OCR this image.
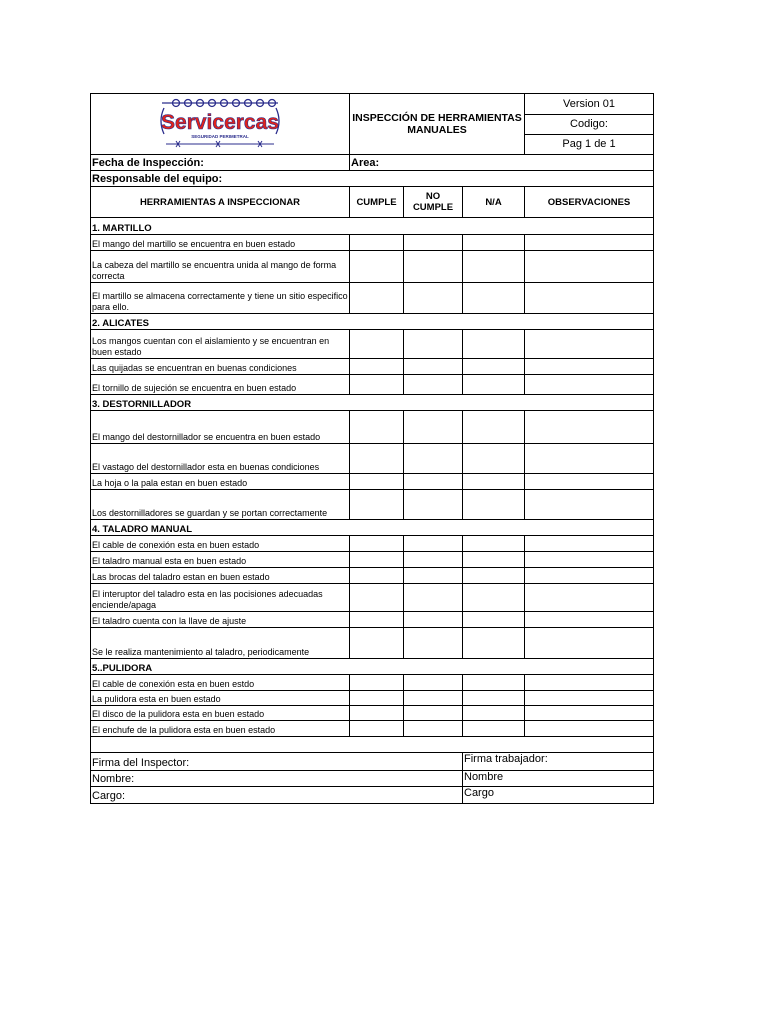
Servicercas
SEGURIDAD PERIMETRAL	INSPECCIÓN DE HERRAMIENTAS MANUALES			Version 01
				Codigo:
				Pag 1 de 1
Fecha de Inspección:	Area:			
Responsable del equipo:				
HERRAMIENTAS A INSPECCIONAR	CUMPLE	NO CUMPLE	N/A	OBSERVACIONES
1. MARTILLO				
El mango del martillo se encuentra en buen estado				
La cabeza del martillo se encuentra unida al mango de forma correcta				
El martillo se almacena correctamente y tiene un sitio especifico para ello.				
2. ALICATES				
Los mangos cuentan con el aislamiento y se encuentran en buen estado				
Las quijadas se encuentran en buenas condiciones				
El tornillo de sujeción se encuentra en buen estado				
3. DESTORNILLADOR				
El mango del destornillador se encuentra en buen estado				
El vastago del destornillador esta en buenas condiciones				
La hoja o la pala estan en buen estado				
Los destornilladores se guardan y se portan correctamente				
4. TALADRO MANUAL				
El cable de conexión esta en buen estado				
El taladro manual esta en buen estado				
Las brocas del taladro estan en buen estado				
El interuptor del taladro esta en las pocisiones adecuadas enciende/apaga				
El taladro cuenta con la llave de ajuste				
Se le realiza mantenimiento al taladro, periodicamente				
5..PULIDORA				
El cable de conexión esta en buen estdo				
La pulidora esta en buen estado				
El disco de la pulidora esta en buen estado				
El enchufe de la pulidora esta en buen estado				

Firma del Inspector:			Firma trabajador:	
Nombre:			Nombre	
Cargo:			Cargo	
